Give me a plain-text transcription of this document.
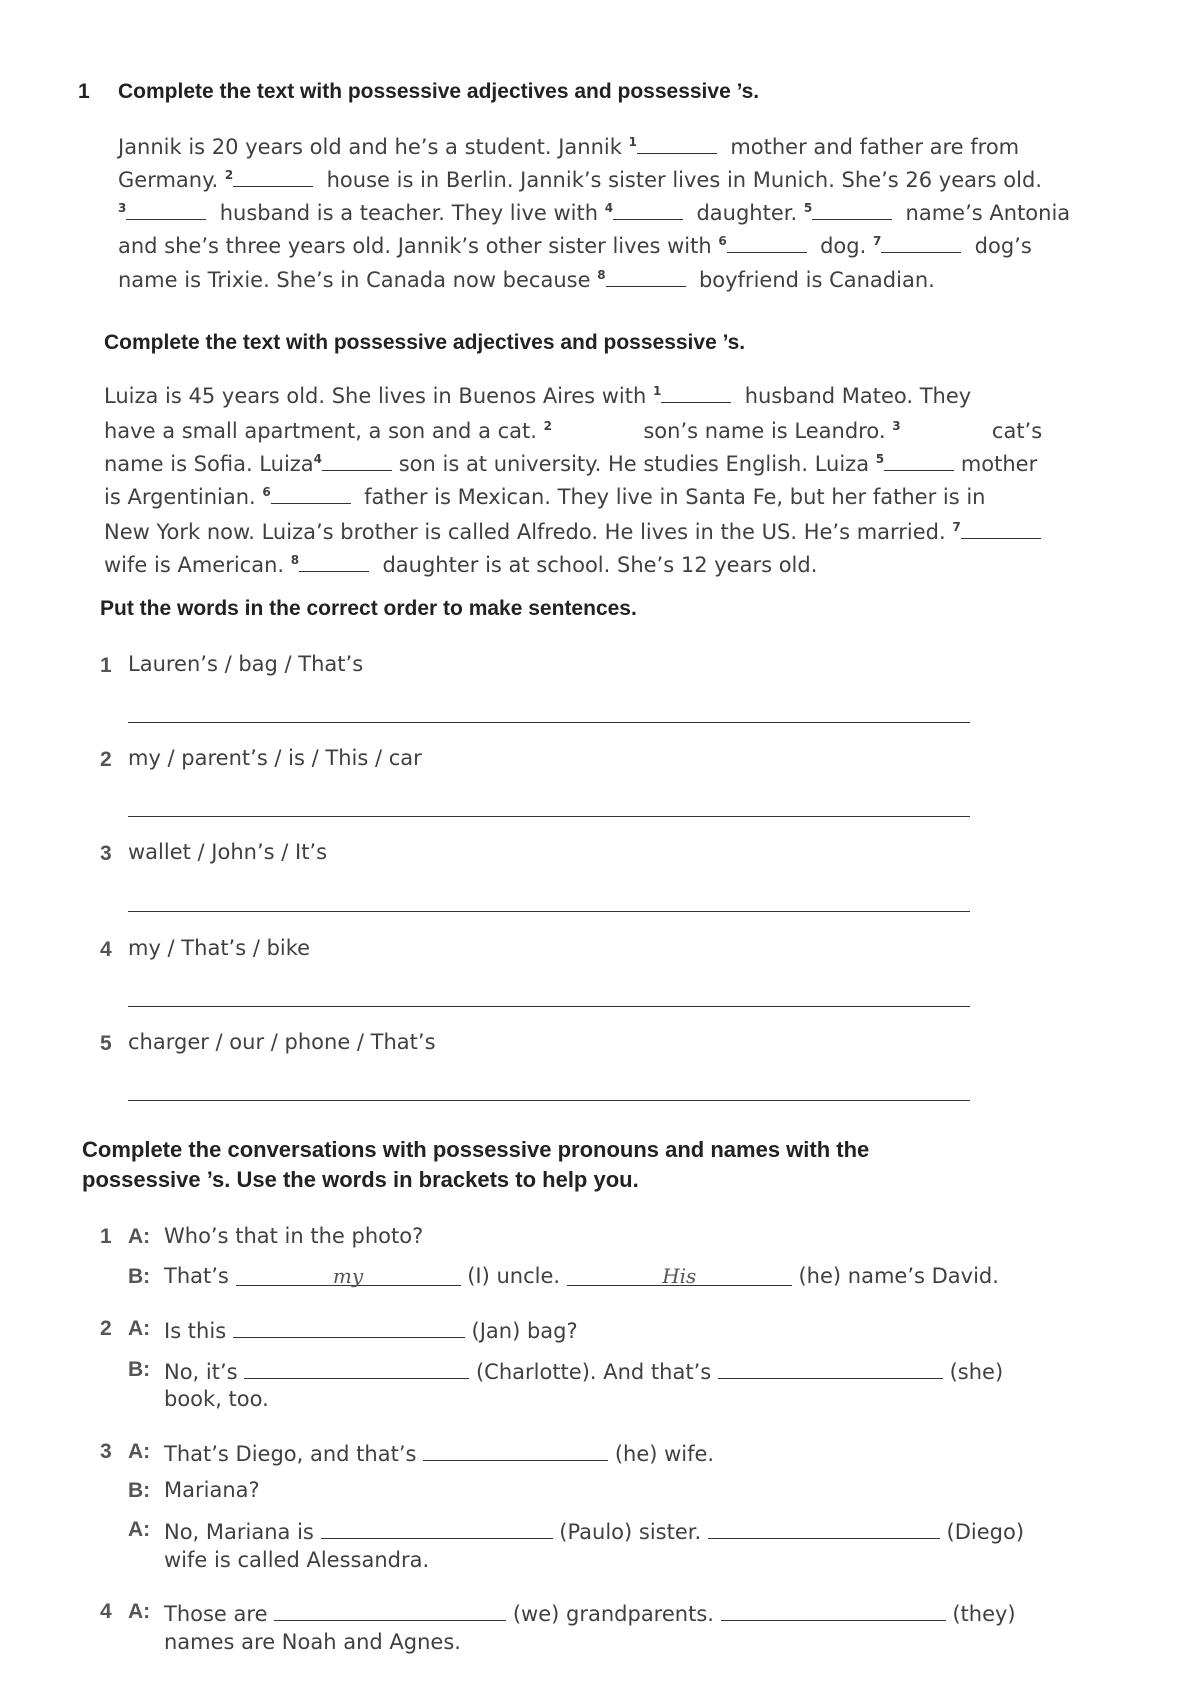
1 Complete the text with possessive adjectives and possessive ’s.
Jannik is 20 years old and he’s a student. Jannik $^1$	mother and father are from
Germany. $^2$	house is in Berlin. Jannik’s sister lives in Munich. She’s 26 years old.
$^3$	husband is a teacher. They live with $^4$	daughter. $^5$	name’s Antonia
and she’s three years old. Jannik’s other sister lives with $^6$	dog. $^7$	dog’s
name is Trixie. She’s in Canada now because $^8$	boyfriend is Canadian.
Complete the text with possessive adjectives and possessive ’s.
Luiza is 45 years old. She lives in Buenos Aires with $^1$	husband Mateo. They
have a small apartment, a son and a cat. $^2$	son’s name is Leandro. $^3$	cat’s
name is Sofia. Luiza$^4$	son is at university. He studies English. Luiza $^5$	mother
is Argentinian. $^6$	father is Mexican. They live in Santa Fe, but her father is in
New York now. Luiza’s brother is called Alfredo. He lives in the US. He’s married. $^7$
wife is American. $^8$	daughter is at school. She’s 12 years old.
Put the words in the correct order to make sentences.
1 Lauren’s / bag / That’s
2 my / parent’s / is / This / car
3 wallet / John’s / It’s
4 my / That’s / bike
5 charger / our / phone / That’s
Complete the conversations with possessive pronouns and names with the
possessive ’s. Use the words in brackets to help you.
1 A: Who’s that in the photo?
B: That’s	my	(I) uncle.	His	(he) name’s David.
2 A: Is this	(Jan) bag?
B: No, it’s	(Charlotte). And that’s	(she)
book, too.
3 A: That’s Diego, and that’s	(he) wife.
B: Mariana?
A: No, Mariana is	(Paulo) sister.	(Diego)
wife is called Alessandra.
4 A: Those are	(we) grandparents.	(they)
names are Noah and Agnes.
